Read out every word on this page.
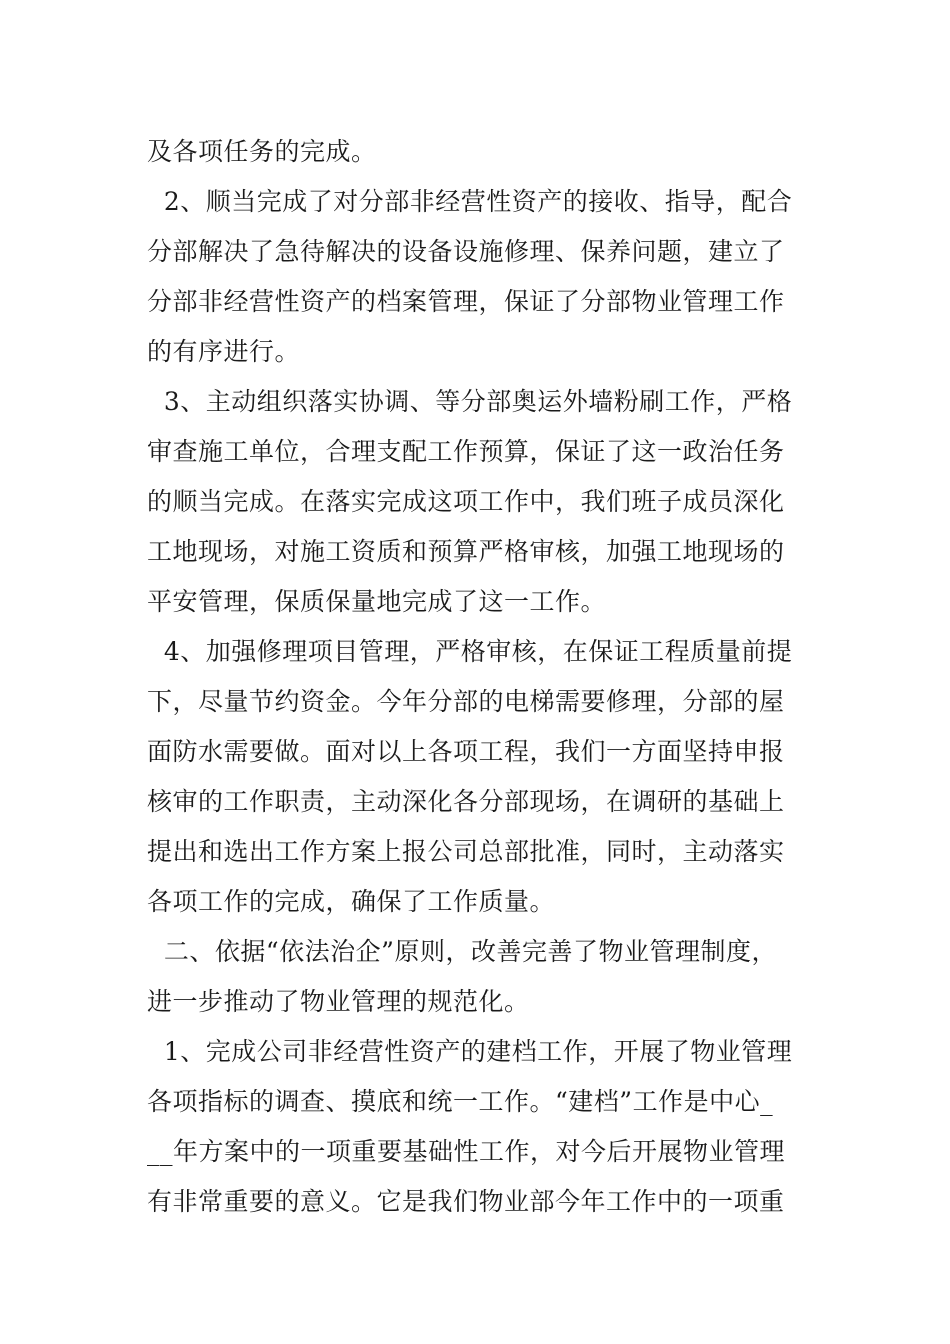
及各项任务的完成。
2、顺当完成了对分部非经营性资产的接收、指导，配合
分部解决了急待解决的设备设施修理、保养问题，建立了
分部非经营性资产的档案管理，保证了分部物业管理工作
的有序进行。
3、主动组织落实协调、等分部奥运外墙粉刷工作，严格
审查施工单位，合理支配工作预算，保证了这一政治任务
的顺当完成。在落实完成这项工作中，我们班子成员深化
工地现场，对施工资质和预算严格审核，加强工地现场的
平安管理，保质保量地完成了这一工作。
4、加强修理项目管理，严格审核，在保证工程质量前提
下，尽量节约资金。今年分部的电梯需要修理，分部的屋
面防水需要做。面对以上各项工程，我们一方面坚持申报
核审的工作职责，主动深化各分部现场，在调研的基础上
提出和选出工作方案上报公司总部批准，同时，主动落实
各项工作的完成，确保了工作质量。
二、依据“依法治企”原则，改善完善了物业管理制度，
进一步推动了物业管理的规范化。
1、完成公司非经营性资产的建档工作，开展了物业管理
各项指标的调查、摸底和统一工作。“建档”工作是中心_
__年方案中的一项重要基础性工作，对今后开展物业管理
有非常重要的意义。它是我们物业部今年工作中的一项重
